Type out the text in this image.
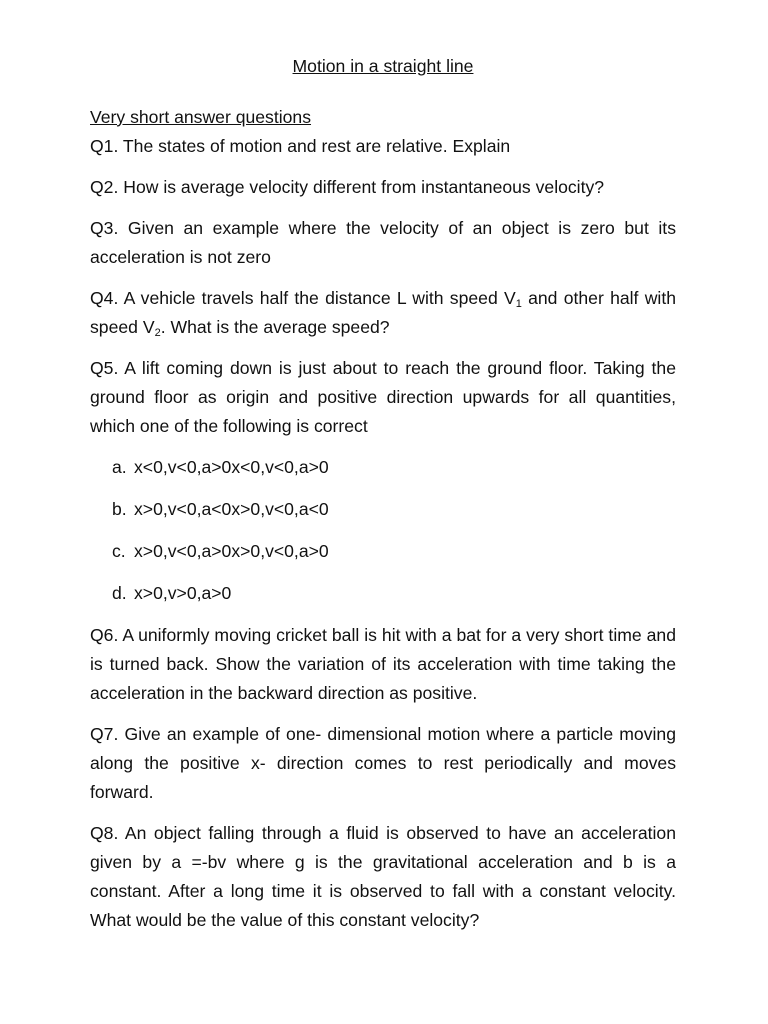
Motion in a straight line
Very short answer questions

Q1. The states of motion and rest are relative. Explain

Q2. How is average velocity different from instantaneous velocity?

Q3. Given an example where the velocity of an object is zero but its acceleration is not zero

Q4. A vehicle travels half the distance L with speed $V_1$ and other half with speed $V_2$. What is the average speed?

Q5. A lift coming down is just about to reach the ground floor. Taking the ground floor as origin and positive direction upwards for all quantities, which one of the following is correct

a. x<0,v<0,a>0x<0,v<0,a>0
b. x>0,v<0,a<0x>0,v<0,a<0
c. x>0,v<0,a>0x>0,v<0,a>0
d. x>0,v>0,a>0

Q6. A uniformly moving cricket ball is hit with a bat for a very short time and is turned back. Show the variation of its acceleration with time taking the acceleration in the backward direction as positive.

Q7. Give an example of one- dimensional motion where a particle moving along the positive x- direction comes to rest periodically and moves forward.

Q8. An object falling through a fluid is observed to have an acceleration given by a =-bv where g is the gravitational acceleration and b is a constant. After a long time it is observed to fall with a constant velocity. What would be the value of this constant velocity?
